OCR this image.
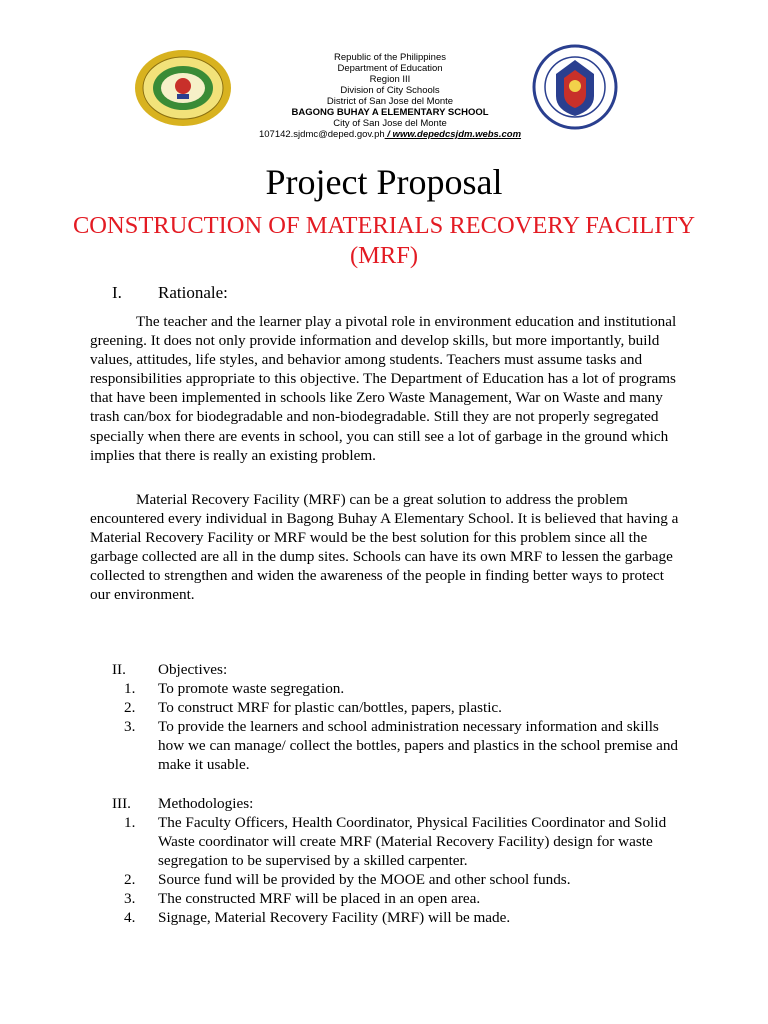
Republic of the Philippines
Department of Education
Region III
Division of City Schools
District of San Jose del Monte
BAGONG BUHAY A ELEMENTARY SCHOOL
City of San Jose del Monte
107142.sjdmc@deped.gov.ph / www.depedcsjdm.webs.com
Project Proposal
CONSTRUCTION OF MATERIALS RECOVERY FACILITY (MRF)
I. Rationale:

The teacher and the learner play a pivotal role in environment education and institutional greening. It does not only provide information and develop skills, but more importantly, build values, attitudes, life styles, and behavior among students. Teachers must assume tasks and responsibilities appropriate to this objective. The Department of Education has a lot of programs that have been implemented in schools like Zero Waste Management, War on Waste and many trash can/box for biodegradable and non-biodegradable. Still they are not properly segregated specially when there are events in school, you can still see a lot of garbage in the ground which implies that there is really an existing problem.

Material Recovery Facility (MRF) can be a great solution to address the problem encountered every individual in Bagong Buhay A Elementary School. It is believed that having a Material Recovery Facility or MRF would be the best solution for this problem since all the garbage collected are all in the dump sites. Schools can have its own MRF to lessen the garbage collected to strengthen and widen the awareness of the people in finding better ways to protect our environment.

II. Objectives:
1. To promote waste segregation.
2. To construct MRF for plastic can/bottles, papers, plastic.
3. To provide the learners and school administration necessary information and skills how we can manage/ collect the bottles, papers and plastics in the school premise and make it usable.
III. Methodologies:
1. The Faculty Officers, Health Coordinator, Physical Facilities Coordinator and Solid Waste coordinator will create MRF (Material Recovery Facility) design for waste segregation to be supervised by a skilled carpenter.
2. Source fund will be provided by the MOOE and other school funds.
3. The constructed MRF will be placed in an open area.
4. Signage, Material Recovery Facility (MRF) will be made.
